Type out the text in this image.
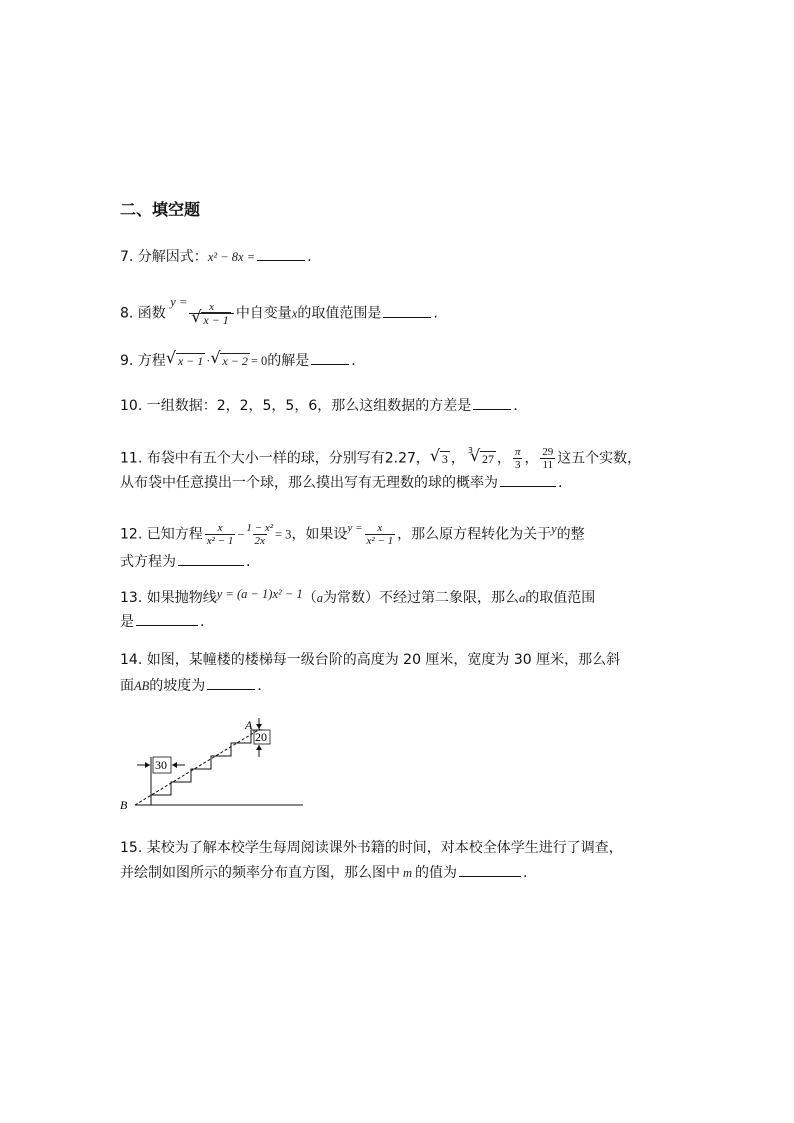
二、填空题
7. 分解因式：x² − 8x =	.
8. 函数 y = x
√ x − 1 中自变量x的取值范围是	.
9. 方程 √ x − 1 · √ x − 2 = 0的解是	.
10. 一组数据：2，2，5，5，6，那么这组数据的方差是	.
11. 布袋中有五个大小一样的球，分别写有2.27， √ 3 ，$^3$√ 27 ， $\frac{\pi}{3}$ ， $\frac{29}{11}$ 这五个实数，
从布袋中任意摸出一个球，那么摸出写有无理数的球的概率为	.
12. 已知方程 $\frac{x}{\text{x² − 1}} - \frac{\text{1 − x²}}{2x} = 3$，如果设$^{y =} \frac{x}{\text{x² − 1}}$ ，那么原方程转化为关于y的整
式方程为	.
13. 如果抛物线y = (a − 1)x² − 1（a为常数）不经过第二象限，那么a的取值范围
是	.
14. 如图，某幢楼的楼梯每一级台阶的高度为 20 厘米，宽度为 30 厘米，那么斜
面AB的坡度为	.
30
20
A
B
15. 某校为了解本校学生每周阅读课外书籍的时间，对本校全体学生进行了调查，
并绘制如图所示的频率分布直方图，那么图中 m 的值为	.
